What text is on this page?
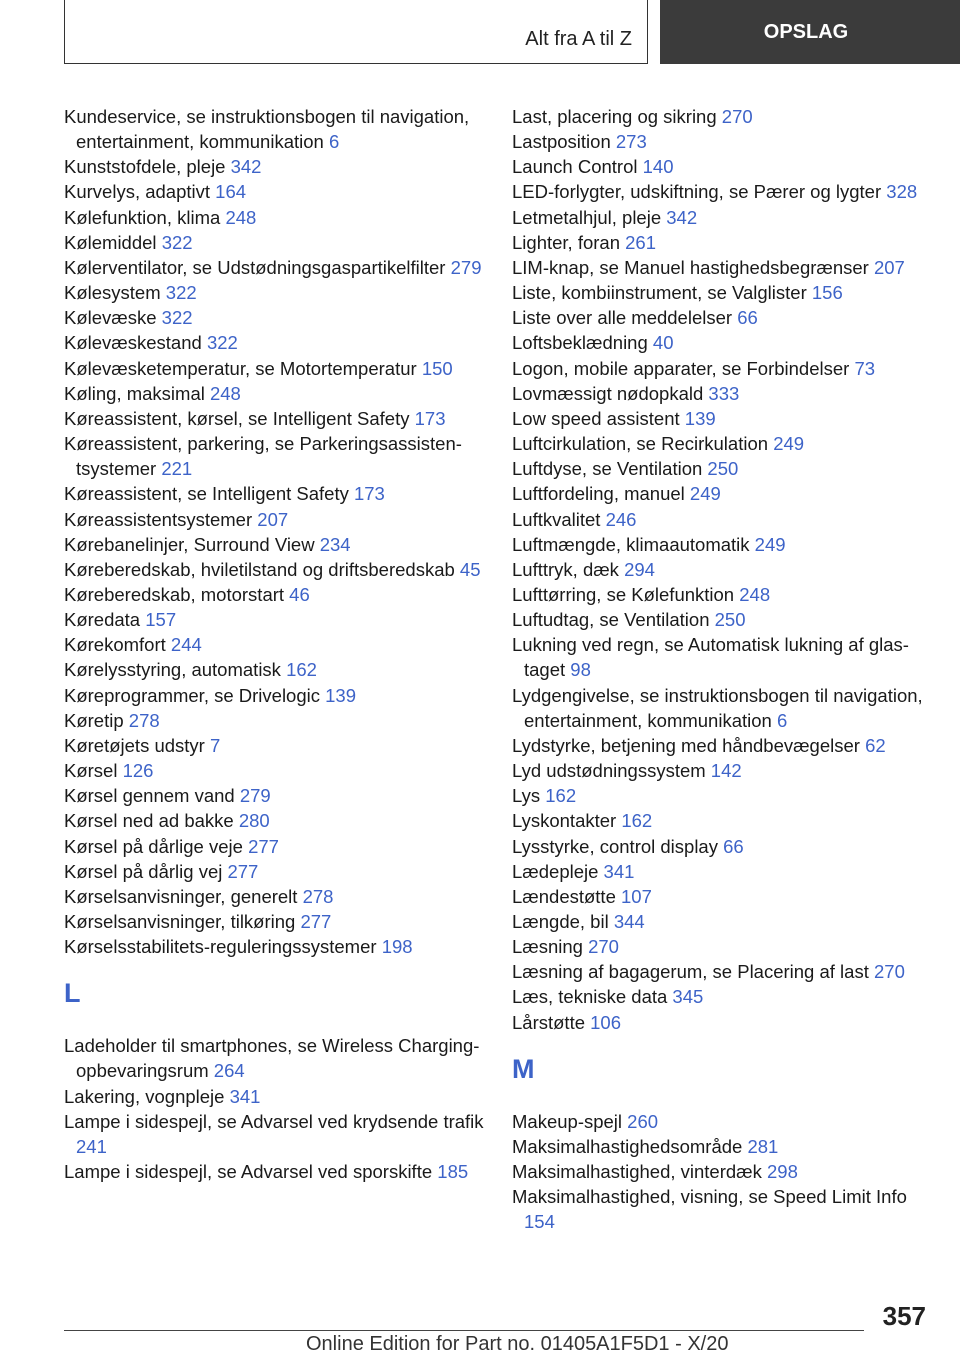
Alt fra A til Z	OPSLAG
Kundeservice, se instruktionsbogen til navigation, entertainment, kommunikation 6
Kunststofdele, pleje 342
Kurvelys, adaptivt 164
Kølefunktion, klima 248
Kølemiddel 322
Kølerventilator, se Udstødningsgaspartikelfilter 279
Kølesystem 322
Kølevæske 322
Kølevæskestand 322
Kølevæsketemperatur, se Motortemperatur 150
Køling, maksimal 248
Køreassistent, kørsel, se Intelligent Safety 173
Køreassistent, parkering, se Parkeringsassistentsystemer 221
Køreassistent, se Intelligent Safety 173
Køreassistentsystemer 207
Kørebanelinjer, Surround View 234
Køreberedskab, hviletilstand og driftsberedskab 45
Køreberedskab, motorstart 46
Køredata 157
Kørekomfort 244
Kørelysstyring, automatisk 162
Køreprogrammer, se Drivelogic 139
Køretip 278
Køretøjets udstyr 7
Kørsel 126
Kørsel gennem vand 279
Kørsel ned ad bakke 280
Kørsel på dårlige veje 277
Kørsel på dårlig vej 277
Kørselsanvisninger, generelt 278
Kørselsanvisninger, tilkøring 277
Kørselsstabilitets-reguleringssystemer 198
L
Ladeholder til smartphones, se Wireless Charging-opbevaringsrum 264
Lakering, vognpleje 341
Lampe i sidespejl, se Advarsel ved krydsende trafik 241
Lampe i sidespejl, se Advarsel ved sporskifte 185
Last, placering og sikring 270
Lastposition 273
Launch Control 140
LED-forlygter, udskiftning, se Pærer og lygter 328
Letmetalhjul, pleje 342
Lighter, foran 261
LIM-knap, se Manuel hastighedsbegrænser 207
Liste, kombiinstrument, se Valglister 156
Liste over alle meddelelser 66
Loftsbeklædning 40
Logon, mobile apparater, se Forbindelser 73
Lovmæssigt nødopkald 333
Low speed assistent 139
Luftcirkulation, se Recirkulation 249
Luftdyse, se Ventilation 250
Luftfordeling, manuel 249
Luftkvalitet 246
Luftmængde, klimaautomatik 249
Lufttryk, dæk 294
Lufttørring, se Kølefunktion 248
Luftudtag, se Ventilation 250
Lukning ved regn, se Automatisk lukning af glastaget 98
Lydgengivelse, se instruktionsbogen til navigation, entertainment, kommunikation 6
Lydstyrke, betjening med håndbevægelser 62
Lyd udstødningssystem 142
Lys 162
Lyskontakter 162
Lysstyrke, control display 66
Lædepleje 341
Lændestøtte 107
Længde, bil 344
Læsning 270
Læsning af bagagerum, se Placering af last 270
Læs, tekniske data 345
Lårstøtte 106
M
Makeup-spejl 260
Maksimalhastighedsområde 281
Maksimalhastighed, vinterdæk 298
Maksimalhastighed, visning, se Speed Limit Info 154
357
Online Edition for Part no. 01405A1F5D1 - X/20
